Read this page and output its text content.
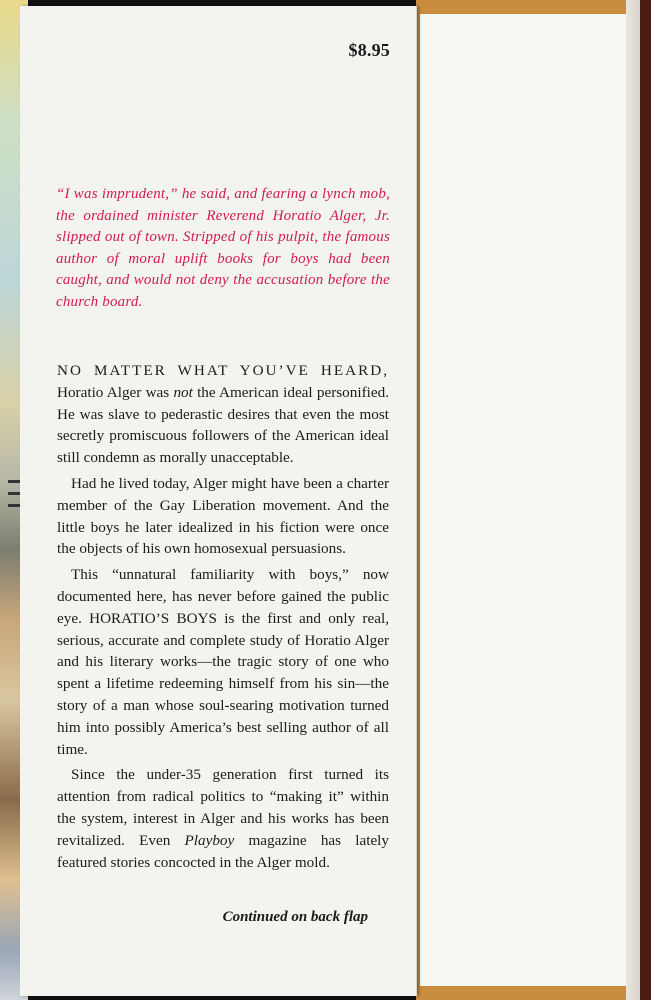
$8.95
“I was imprudent,” he said, and fearing a lynch mob, the ordained minister Reverend Horatio Alger, Jr. slipped out of town. Stripped of his pulpit, the famous author of moral uplift books for boys had been caught, and would not deny the accusation before the church board.

NO MATTER WHAT YOU’VE HEARD, Horatio Alger was not the American ideal personified. He was slave to pederastic desires that even the most secretly promiscuous followers of the American ideal still condemn as morally unacceptable.

Had he lived today, Alger might have been a charter member of the Gay Liberation movement. And the little boys he later idealized in his fiction were once the objects of his own homosexual persuasions.

This “unnatural familiarity with boys,” now documented here, has never before gained the public eye. HORATIO’S BOYS is the first and only real, serious, accurate and complete study of Horatio Alger and his literary works—the tragic story of one who spent a lifetime redeeming himself from his sin—the story of a man whose soul-searing motivation turned him into possibly America’s best selling author of all time.

Since the under-35 generation first turned its attention from radical politics to “making it” within the system, interest in Alger and his works has been revitalized. Even Playboy magazine has lately featured stories concocted in the Alger mold.

Continued on back flap
